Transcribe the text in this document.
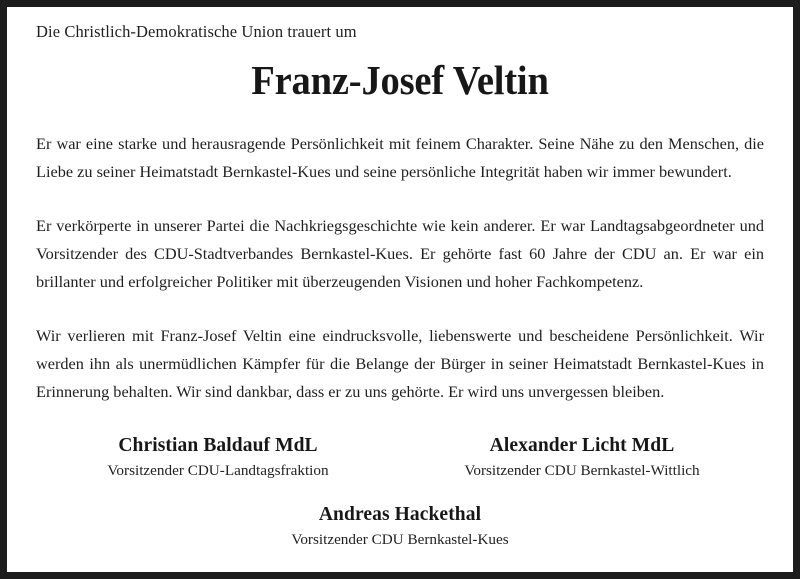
Die Christlich-Demokratische Union trauert um
Franz-Josef Veltin

Er war eine starke und herausragende Persönlichkeit mit feinem Charakter. Seine Nähe zu den Menschen, die Liebe zu seiner Heimatstadt Bernkastel-Kues und seine persönliche Integrität haben wir immer bewundert.

Er verkörperte in unserer Partei die Nachkriegsgeschichte wie kein anderer. Er war Landtagsabgeordneter und Vorsitzender des CDU-Stadtverbandes Bernkastel-Kues. Er gehörte fast 60 Jahre der CDU an. Er war ein brillanter und erfolgreicher Politiker mit überzeugenden Visionen und hoher Fachkompetenz.

Wir verlieren mit Franz-Josef Veltin eine eindrucksvolle, liebenswerte und bescheidene Persönlichkeit. Wir werden ihn als unermüdlichen Kämpfer für die Belange der Bürger in seiner Heimatstadt Bernkastel-Kues in Erinnerung behalten. Wir sind dankbar, dass er zu uns gehörte. Er wird uns unvergessen bleiben.

Christian Baldauf MdL
Vorsitzender CDU-Landtagsfraktion
Alexander Licht MdL
Vorsitzender CDU Bernkastel-Wittlich
Andreas Hackethal
Vorsitzender CDU Bernkastel-Kues
